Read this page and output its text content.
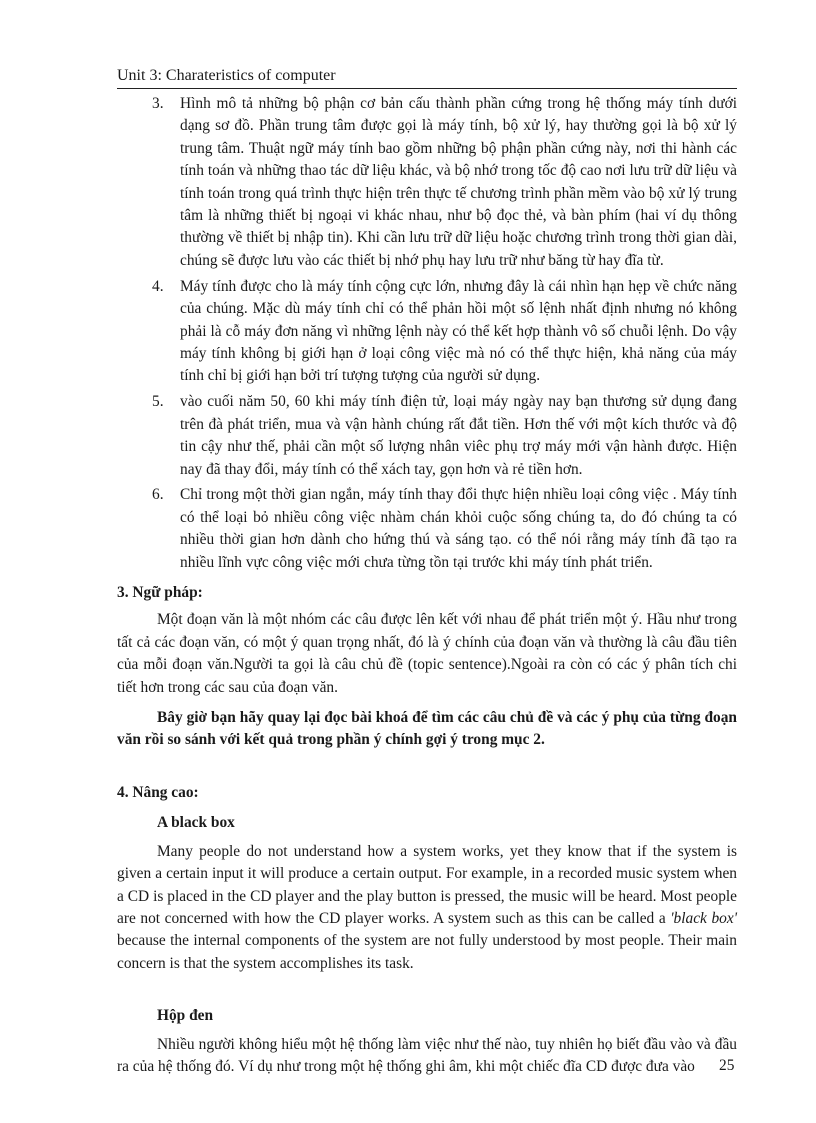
Unit 3: Charateristics of computer
3. Hình mô tả những bộ phận cơ bản cấu thành phần cứng trong hệ thống máy tính dưới dạng sơ đồ. Phần trung tâm được gọi là máy tính, bộ xử lý, hay thường gọi là bộ xử lý trung tâm. Thuật ngữ máy tính bao gồm những bộ phận phần cứng này, nơi thi hành các tính toán và những thao tác dữ liệu khác, và bộ nhớ trong tốc độ cao nơi lưu trữ dữ liệu và tính toán trong quá trình thực hiện trên thực tế chương trình phần mềm vào bộ xử lý trung tâm là những thiết bị ngoại vi khác nhau, như bộ đọc thẻ, và bàn phím (hai ví dụ thông thường về thiết bị nhập tin). Khi cần lưu trữ dữ liệu hoặc chương trình trong thời gian dài, chúng sẽ được lưu vào các thiết bị nhớ phụ hay lưu trữ như băng từ hay đĩa từ.
4. Máy tính được cho là máy tính cộng cực lớn, nhưng đây là cái nhìn hạn hẹp về chức năng của chúng. Mặc dù máy tính chỉ có thể phản hồi một số lệnh nhất định nhưng nó không phải là cỗ máy đơn năng vì những lệnh này có thể kết hợp thành vô số chuỗi lệnh. Do vậy máy tính không bị giới hạn ở loại công việc mà nó có thể thực hiện, khả năng của máy tính chỉ bị giới hạn bởi trí tượng tượng của người sử dụng.
5. vào cuối năm 50, 60 khi máy tính điện tử, loại máy ngày nay bạn thương sử dụng đang trên đà phát triển, mua và vận hành chúng rất đắt tiền. Hơn thế với một kích thước và độ tin cậy như thế, phải cần một số lượng nhân viêc phụ trợ máy mới vận hành được. Hiện nay đã thay đổi, máy tính có thể xách tay, gọn hơn và rẻ tiền hơn.
6. Chỉ trong một thời gian ngắn, máy tính thay đổi thực hiện nhiều loại công việc . Máy tính có thể loại bỏ nhiều công việc nhàm chán khỏi cuộc sống chúng ta, do đó chúng ta có nhiều thời gian hơn dành cho hứng thú và sáng tạo. có thể nói rằng máy tính đã tạo ra nhiều lĩnh vực công việc mới chưa từng tồn tại trước khi máy tính phát triển.
3. Ngữ pháp:

Một đoạn văn là một nhóm các câu được lên kết với nhau để phát triển một ý. Hầu như trong tất cả các đoạn văn, có một ý quan trọng nhất, đó là ý chính của đoạn văn và thường là câu đầu tiên của mỗi đoạn văn.Người ta gọi là câu chủ đề (topic sentence).Ngoài ra còn có các ý phân tích chi tiết hơn trong các sau của đoạn văn.

Bây giờ bạn hãy quay lại đọc bài khoá để tìm các câu chủ đề và các ý phụ của từng đoạn văn rồi so sánh với kết quả trong phần ý chính gợi ý trong mục 2.

4. Nâng cao:
A black box

Many people do not understand how a system works, yet they know that if the system is given a certain input it will produce a certain output. For example, in a recorded music system when a CD is placed in the CD player and the play button is pressed, the music will be heard. Most people are not concerned with how the CD player works. A system such as this can be called a 'black box' because the internal components of the system are not fully understood by most people. Their main concern is that the system accomplishes its task.

Hộp đen

Nhiều người không hiểu một hệ thống làm việc như thế nào, tuy nhiên họ biết đầu vào và đầu ra của hệ thống đó. Ví dụ như trong một hệ thống ghi âm, khi một chiếc đĩa CD được đưa vào	25
